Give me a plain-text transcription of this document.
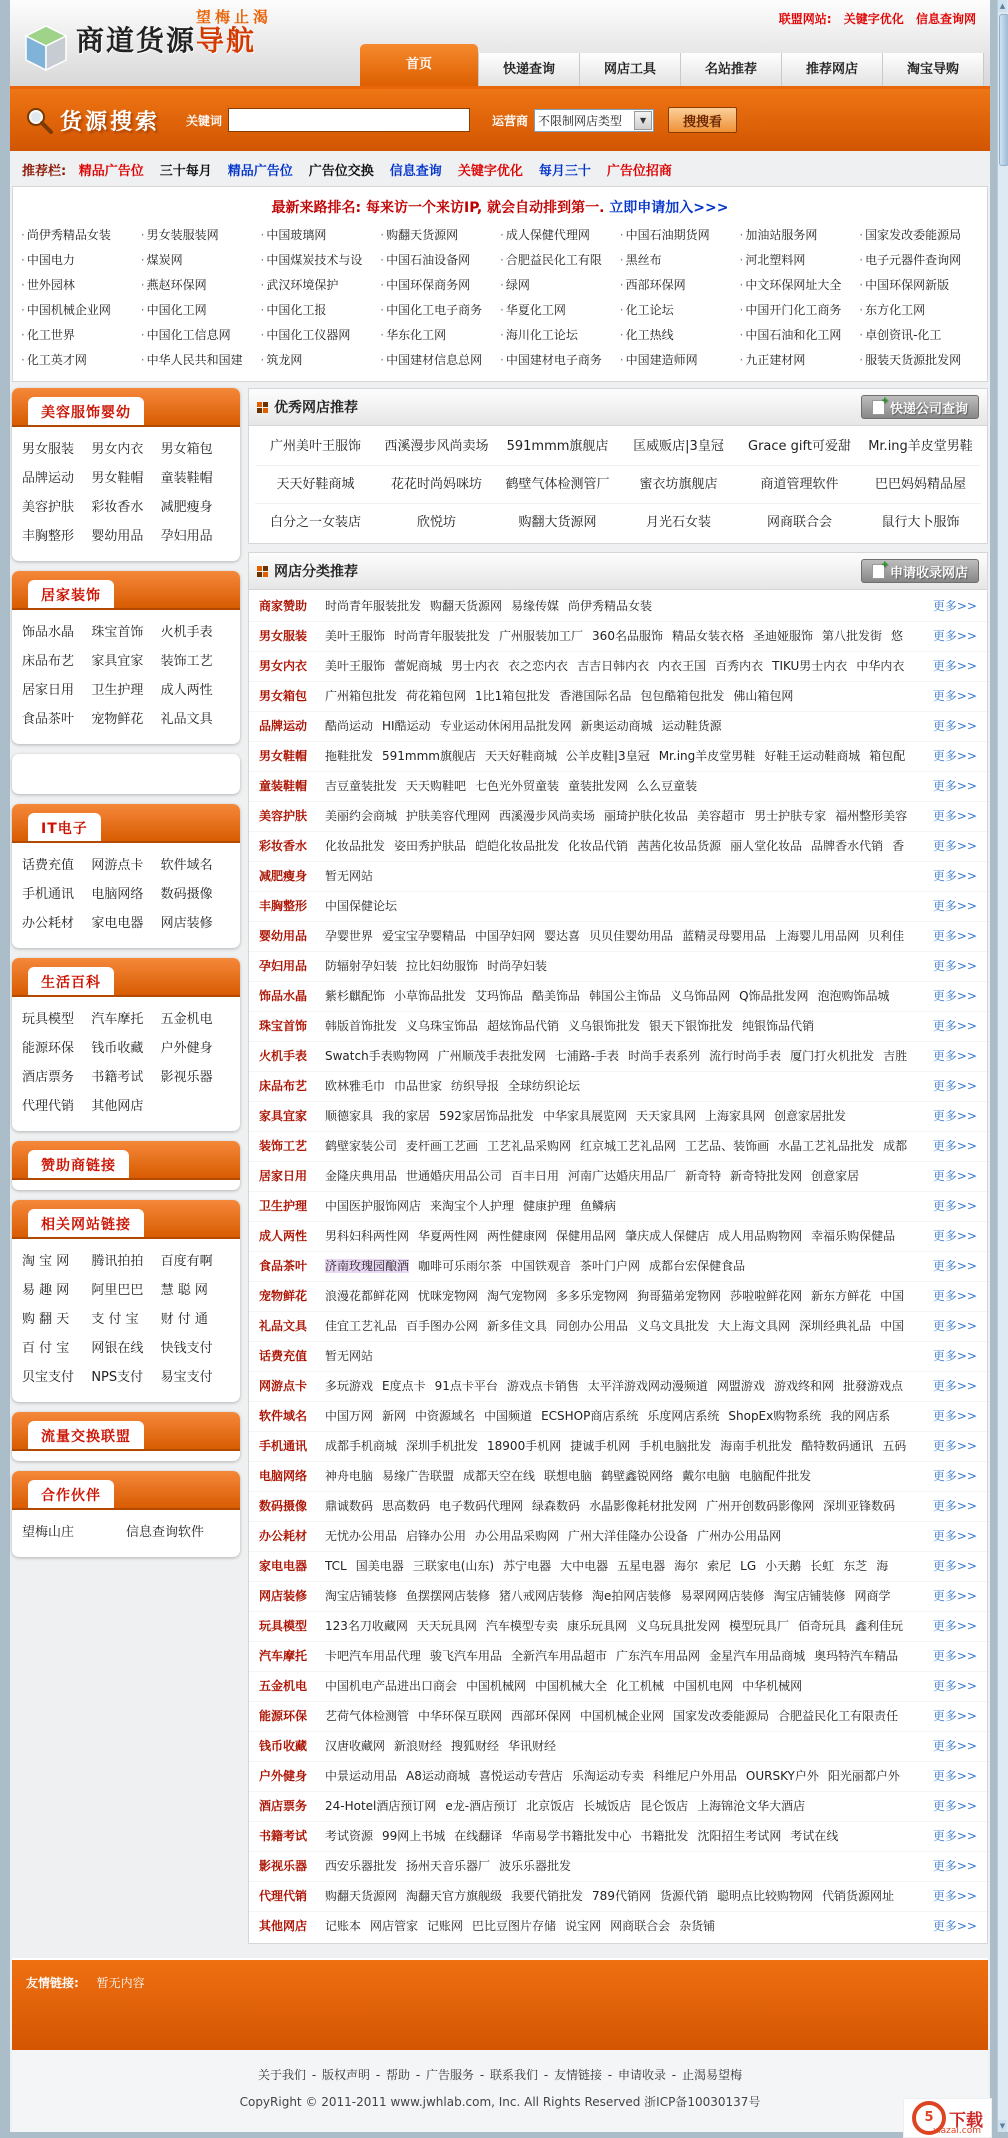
望梅止渴
商道货源导航
联盟网站: 关键字优化 信息查询网
首页	快递查询	网店工具	名站推荐	推荐网店	淘宝导购
货源搜索 关键词	运营商 不限制网店类型	▼	搜搜看
推荐栏: 精品广告位 三十每月 精品广告位 广告位交换 信息查询 关键字优化 每月三十 广告位招商
最新来路排名: 每来访一个来访IP, 就会自动排到第一. 立即申请加入>>>
· 尚伊秀精品女装	· 男女装服装网	· 中国玻璃网	· 购翻天货源网	· 成人保健代理网	· 中国石油期货网	· 加油站服务网	· 国家发改委能源局
· 中国电力	· 煤炭网	· 中国煤炭技术与设	· 中国石油设备网	· 合肥益民化工有限	· 黑丝布	· 河北塑料网	· 电子元器件查询网
· 世外园林	· 燕赵环保网	· 武汉环境保护	· 中国环保商务网	· 绿网	· 西部环保网	· 中文环保网址大全	· 中国环保网新版
· 中国机械企业网	· 中国化工网	· 中国化工报	· 中国化工电子商务	· 华夏化工网	· 化工论坛	· 中国开门化工商务	· 东方化工网
· 化工世界	· 中国化工信息网	· 中国化工仪器网	· 华东化工网	· 海川化工论坛	· 化工热线	· 中国石油和化工网	· 卓创资讯-化工
· 化工英才网	· 中华人民共和国建	· 筑龙网	· 中国建材信息总网	· 中国建材电子商务	· 中国建造师网	· 九正建材网	· 服装天货源批发网
美容服饰婴幼
男女服装	男女内衣	男女箱包
品牌运动	男女鞋帽	童装鞋帽
美容护肤	彩妆香水	减肥瘦身
丰胸整形	婴幼用品	孕妇用品
居家装饰
饰品水晶	珠宝首饰	火机手表
床品布艺	家具宜家	装饰工艺
居家日用	卫生护理	成人两性
食品茶叶	宠物鲜花	礼品文具
IT电子
话费充值	网游点卡	软件域名
手机通讯	电脑网络	数码摄像
办公耗材	家电电器	网店装修
生活百科
玩具模型	汽车摩托	五金机电
能源环保	钱币收藏	户外健身
酒店票务	书籍考试	影视乐器
代理代销	其他网店
赞助商链接
相关网站链接
淘 宝 网	腾讯拍拍	百度有啊
易 趣 网	阿里巴巴	慧 聪 网
购 翻 天	支 付 宝	财 付 通
百 付 宝	网银在线	快钱支付
贝宝支付	NPS支付	易宝支付
流量交换联盟
合作伙伴
望梅山庄	信息查询软件
优秀网店推荐 +	快递公司查询
广州美叶王服饰	西溪漫步风尚卖场	591mmm旗舰店	匡威贩店|3皇冠	Grace gift可爱甜	Mr.ing羊皮堂男鞋
天天好鞋商城	花花时尚妈咪坊	鹤壁气体检测管厂	蜜衣坊旗舰店	商道管理软件	巴巴妈妈精品屋
白分之一女装店	欣悦坊	购翻大货源网	月光石女装	网商联合会	鼠行大卜服饰
网店分类推荐 +	申请收录网店
商家赞助	时尚青年服装批发 购翻天货源网 易缘传媒 尚伊秀精品女装	更多>>
男女服装	美叶王服饰 时尚青年服装批发 广州服装加工厂 360名品服饰 精品女装衣格 圣迪娅服饰 第八批发街 悠	更多>>
男女内衣	美叶王服饰 蕾妮商城 男士内衣 衣之恋内衣 吉吉日韩内衣 内衣王国 百秀内衣 TIKU男士内衣 中华内衣	更多>>
男女箱包	广州箱包批发 荷花箱包网 1比1箱包批发 香港国际名品 包包酷箱包批发 佛山箱包网	更多>>
品牌运动	酷尚运动 HI酷运动 专业运动休闲用品批发网 新奥运动商城 运动鞋货源	更多>>
男女鞋帽	拖鞋批发 591mmm旗舰店 天天好鞋商城 公羊皮鞋|3皇冠 Mr.ing羊皮堂男鞋 好鞋王运动鞋商城 箱包配	更多>>
童装鞋帽	吉豆童装批发 天天购鞋吧 七色光外贸童装 童装批发网 么么豆童装	更多>>
美容护肤	美丽约会商城 护肤美容代理网 西溪漫步风尚卖场 丽琦护肤化妆品 美容超市 男士护肤专家 福州整形美容	更多>>
彩妆香水	化妆品批发 姿田秀护肤品 皑皑化妆品批发 化妆品代销 茜茜化妆品货源 丽人堂化妆品 品牌香水代销 香	更多>>
减肥瘦身	暂无网站	更多>>
丰胸整形	中国保健论坛	更多>>
婴幼用品	孕婴世界 爱宝宝孕婴精品 中国孕妇网 婴达喜 贝贝佳婴幼用品 蓝精灵母婴用品 上海婴儿用品网 贝利佳	更多>>
孕妇用品	防辐射孕妇装 拉比妇幼服饰 时尚孕妇装	更多>>
饰品水晶	紫杉麒配饰 小草饰品批发 艾玛饰品 酷美饰品 韩国公主饰品 义乌饰品网 Q饰品批发网 泡泡购饰品城	更多>>
珠宝首饰	韩版首饰批发 义乌珠宝饰品 超炫饰品代销 义乌银饰批发 银天下银饰批发 纯银饰品代销	更多>>
火机手表	Swatch手表购物网 广州顺茂手表批发网 七浦路-手表 时尚手表系列 流行时尚手表 厦门打火机批发 吉胜	更多>>
床品布艺	欧林雅毛巾 巾品世家 纺织导报 全球纺织论坛	更多>>
家具宜家	顺德家具 我的家居 592家居饰品批发 中华家具展览网 天天家具网 上海家具网 创意家居批发	更多>>
装饰工艺	鹤壁家装公司 麦杆画工艺画 工艺礼品采购网 红京城工艺礼品网 工艺品、装饰画 水晶工艺礼品批发 成都	更多>>
居家日用	金隆庆典用品 世通婚庆用品公司 百丰日用 河南广达婚庆用品厂 新奇特 新奇特批发网 创意家居	更多>>
卫生护理	中国医护服饰网店 来淘宝个人护理 健康护理 鱼鳞病	更多>>
成人两性	男科妇科两性网 华夏两性网 两性健康网 保健用品网 肇庆成人保健店 成人用品购物网 幸福乐购保健品	更多>>
食品茶叶	济南玫瑰园酿酒 咖啡可乐雨尔茶 中国铁观音 茶叶门户网 成都台宏保健食品	更多>>
宠物鲜花	浪漫花都鲜花网 忧咪宠物网 淘气宠物网 多多乐宠物网 狗哥猫弟宠物网 莎啦啦鲜花网 新东方鲜花 中国	更多>>
礼品文具	佳宜工艺礼品 百手图办公网 新多佳文具 同创办公用品 义乌文具批发 大上海文具网 深圳经典礼品 中国	更多>>
话费充值	暂无网站	更多>>
网游点卡	多玩游戏 E度点卡 91点卡平台 游戏点卡销售 太平洋游戏网动漫频道 网盟游戏 游戏终和网 批發游戏点	更多>>
软件域名	中国万网 新网 中资源域名 中国频道 ECSHOP商店系统 乐度网店系统 ShopEx购物系统 我的网店系	更多>>
手机通讯	成都手机商城 深圳手机批发 18900手机网 捷诚手机网 手机电脑批发 海南手机批发 酷特数码通讯 五码	更多>>
电脑网络	神舟电脑 易缘广告联盟 成都天空在线 联想电脑 鹤壁鑫锐网络 戴尔电脑 电脑配件批发	更多>>
数码摄像	鼎诚数码 思高数码 电子数码代理网 绿森数码 水晶影像耗材批发网 广州开创数码影像网 深圳亚锋数码	更多>>
办公耗材	无忧办公用品 启锋办公用 办公用品采购网 广州大洋佳隆办公设备 广州办公用品网	更多>>
家电电器	TCL 国美电器 三联家电(山东) 苏宁电器 大中电器 五星电器 海尔 索尼 LG 小天鹅 长虹 东芝 海	更多>>
网店装修	淘宝店铺装修 鱼摆摆网店装修 猪八戒网店装修 淘e拍网店装修 易翠网网店装修 淘宝店铺装修 网商学	更多>>
玩具模型	123名刀收藏网 天天玩具网 汽车模型专卖 康乐玩具网 义乌玩具批发网 模型玩具厂 佰奇玩具 鑫利佳玩	更多>>
汽车摩托	卡吧汽车用品代理 骏飞汽车用品 全新汽车用品超市 广东汽车用品网 金星汽车用品商城 奥玛特汽车精品	更多>>
五金机电	中国机电产品进出口商会 中国机械网 中国机械大全 化工机械 中国机电网 中华机械网	更多>>
能源环保	艺荷气体检测管 中华环保互联网 西部环保网 中国机械企业网 国家发改委能源局 合肥益民化工有限责任	更多>>
钱币收藏	汉唐收藏网 新浪财经 搜狐财经 华讯财经	更多>>
户外健身	中景运动用品 A8运动商城 喜悦运动专营店 乐淘运动专卖 科维尼户外用品 OURSKY户外 阳光丽都户外	更多>>
酒店票务	24-Hotel酒店预订网 e龙-酒店预订 北京饭店 长城饭店 昆仑饭店 上海锦沧文华大酒店	更多>>
书籍考试	考试资源 99网上书城 在线翻译 华南易学书籍批发中心 书籍批发 沈阳招生考试网 考试在线	更多>>
影视乐器	西安乐器批发 扬州天音乐器厂 波乐乐器批发	更多>>
代理代销	购翻天货源网 淘翻天官方旗舰级 我要代销批发 789代销网 货源代销 聪明点比较购物网 代销货源网址	更多>>
其他网店	记账本 网店管家 记账网 巴比豆图片存储 说宝网 网商联合会 杂货铺	更多>>
友情链接: 暂无内容
关于我们 - 版权声明 - 帮助 - 广告服务 - 联系我们 - 友情链接 - 申请收录 - 止渴易望梅
CopyRight © 2011-2011 www.jwhlab.com, Inc. All Rights Reserved 浙ICP备10030137号
5 下载
xiazai.com
▲
▼
